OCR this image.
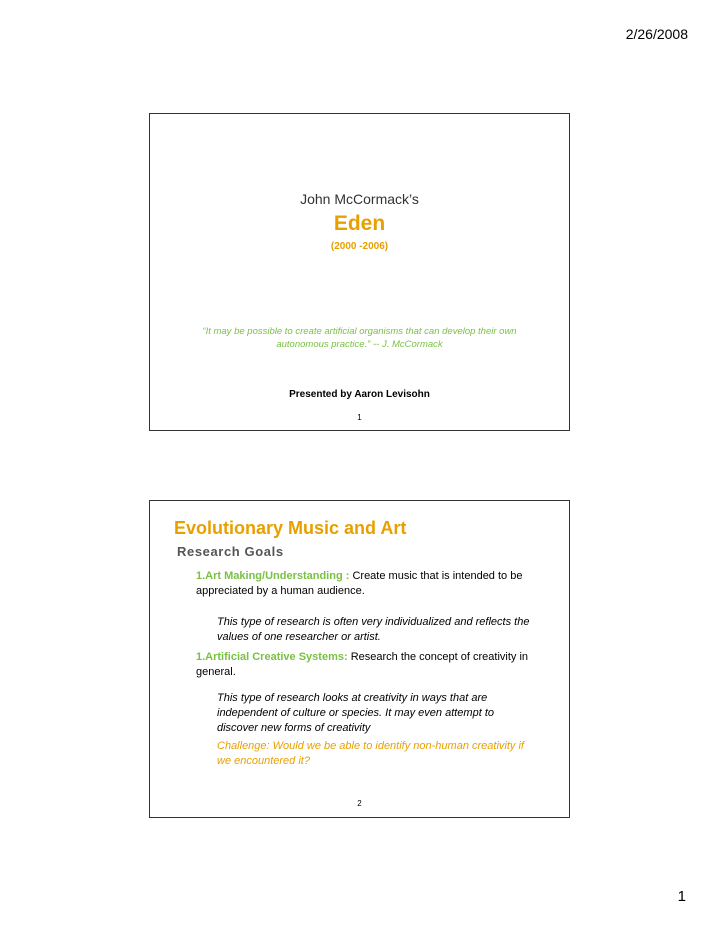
2/26/2008
John McCormack’s
Eden
(2000 -2006)
“It may be possible to create artificial organisms that can develop their own autonomous practice.” -- J. McCormack
Presented by Aaron Levisohn
1
Evolutionary Music and Art
Research Goals
1.Art Making/Understanding : Create music that is intended to be appreciated by a human audience.
This type of research is often very individualized and reflects the values of one researcher or artist.
1.Artificial Creative Systems: Research the concept of creativity in general.
This type of research looks at creativity in ways that are independent of culture or species. It may even attempt to discover new forms of creativity
Challenge: Would we be able to identify non-human creativity if we encountered it?
2
1
